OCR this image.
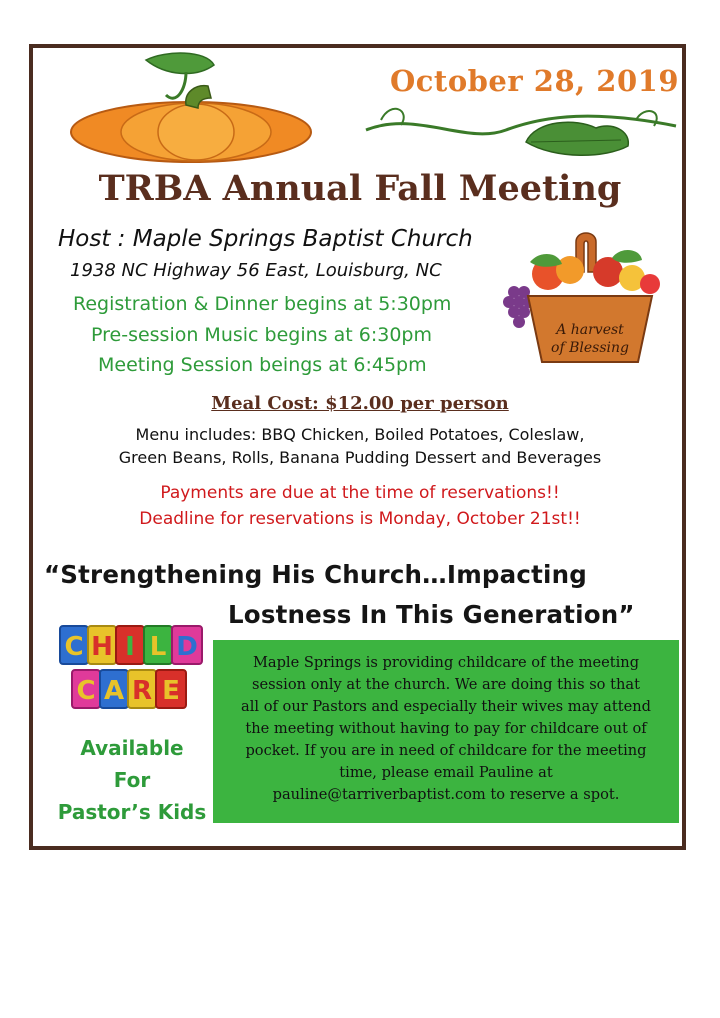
October 28, 2019
TRBA Annual Fall Meeting
Host : Maple Springs Baptist Church
1938 NC Highway 56 East, Louisburg, NC
Registration & Dinner begins at 5:30pm
Pre-session Music begins at 6:30pm
Meeting Session beings at 6:45pm
A harvest
of Blessing
Meal Cost: $12.00 per person
Menu includes: BBQ Chicken, Boiled Potatoes, Coleslaw,
Green Beans, Rolls, Banana Pudding Dessert and Beverages
Payments are due at the time of reservations!!
Deadline for reservations is Monday, October 21st!!
“Strengthening His Church…Impacting
Lostness In This Generation”
C H I L D
C A R E
Available
For
Pastor’s Kids
Maple Springs is providing childcare of the meeting
session only at the church. We are doing this so that
all of our Pastors and especially their wives may attend
the meeting without having to pay for childcare out of
pocket. If you are in need of childcare for the meeting
time, please email Pauline at
pauline@tarriverbaptist.com to reserve a spot.
